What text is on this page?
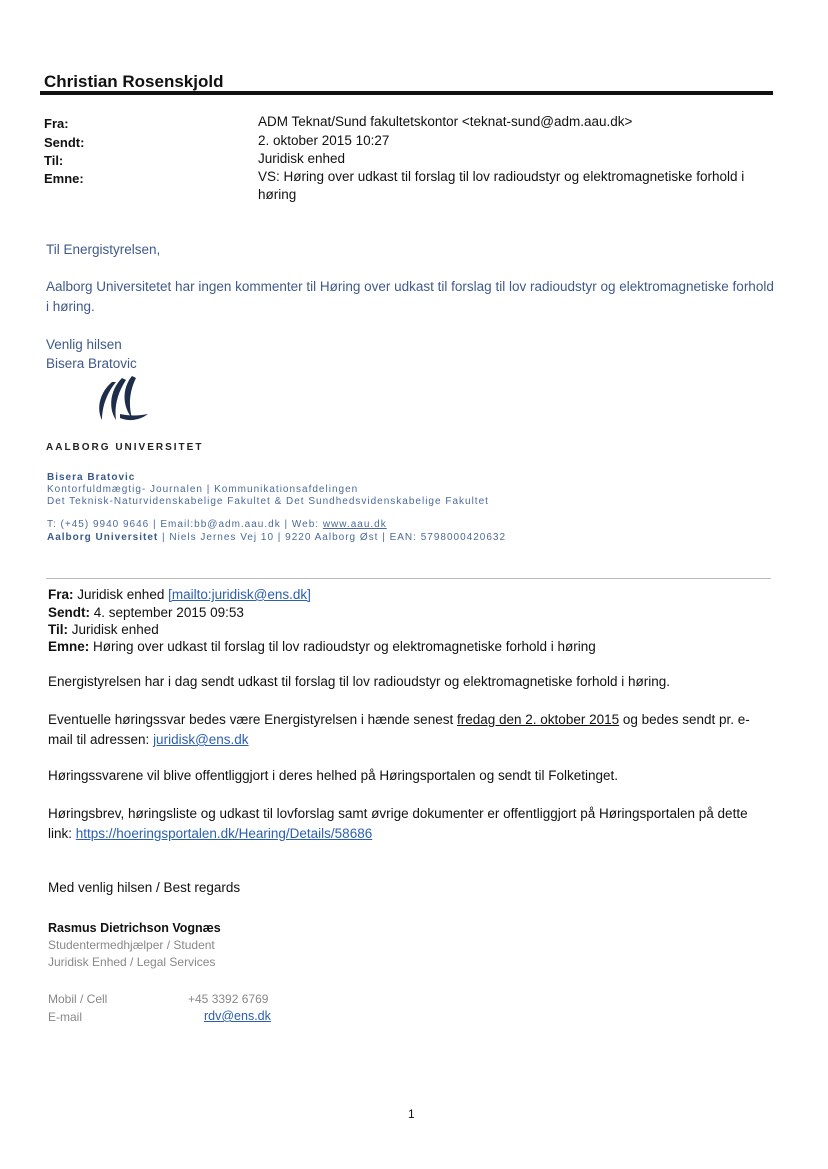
Christian Rosenskjold
Fra:	ADM Teknat/Sund fakultetskontor <teknat-sund@adm.aau.dk>
Sendt:	2. oktober 2015 10:27
Til:	Juridisk enhed
Emne:	VS: Høring over udkast til forslag til lov radioudstyr og elektromagnetiske forhold i høring
Til Energistyrelsen,
Aalborg Universitetet har ingen kommenter til Høring over udkast til forslag til lov radioudstyr og elektromagnetiske forhold i høring.
Venlig hilsen
Bisera Bratovic
AALBORG UNIVERSITET
Bisera Bratovic
Kontorfuldmægtig- Journalen | Kommunikationsafdelingen
Det Teknisk-Naturvidenskabelige Fakultet & Det Sundhedsvidenskabelige Fakultet
T: (+45) 9940 9646 | Email:bb@adm.aau.dk | Web: www.aau.dk
Aalborg Universitet | Niels Jernes Vej 10 | 9220 Aalborg Øst | EAN: 5798000420632
Fra: Juridisk enhed [mailto:juridisk@ens.dk]
Sendt: 4. september 2015 09:53
Til: Juridisk enhed
Emne: Høring over udkast til forslag til lov radioudstyr og elektromagnetiske forhold i høring
Energistyrelsen har i dag sendt udkast til forslag til lov radioudstyr og elektromagnetiske forhold i høring.
Eventuelle høringssvar bedes være Energistyrelsen i hænde senest fredag den 2. oktober 2015 og bedes sendt pr. e-mail til adressen: juridisk@ens.dk
Høringssvarene vil blive offentliggjort i deres helhed på Høringsportalen og sendt til Folketinget.
Høringsbrev, høringsliste og udkast til lovforslag samt øvrige dokumenter er offentliggjort på Høringsportalen på dette link: https://hoeringsportalen.dk/Hearing/Details/58686
Med venlig hilsen / Best regards
Rasmus Dietrichson Vognæs
Studentermedhjælper / Student
Juridisk Enhed / Legal Services
Mobil / Cell	+45 3392 6769
E-mail	rdv@ens.dk
1
